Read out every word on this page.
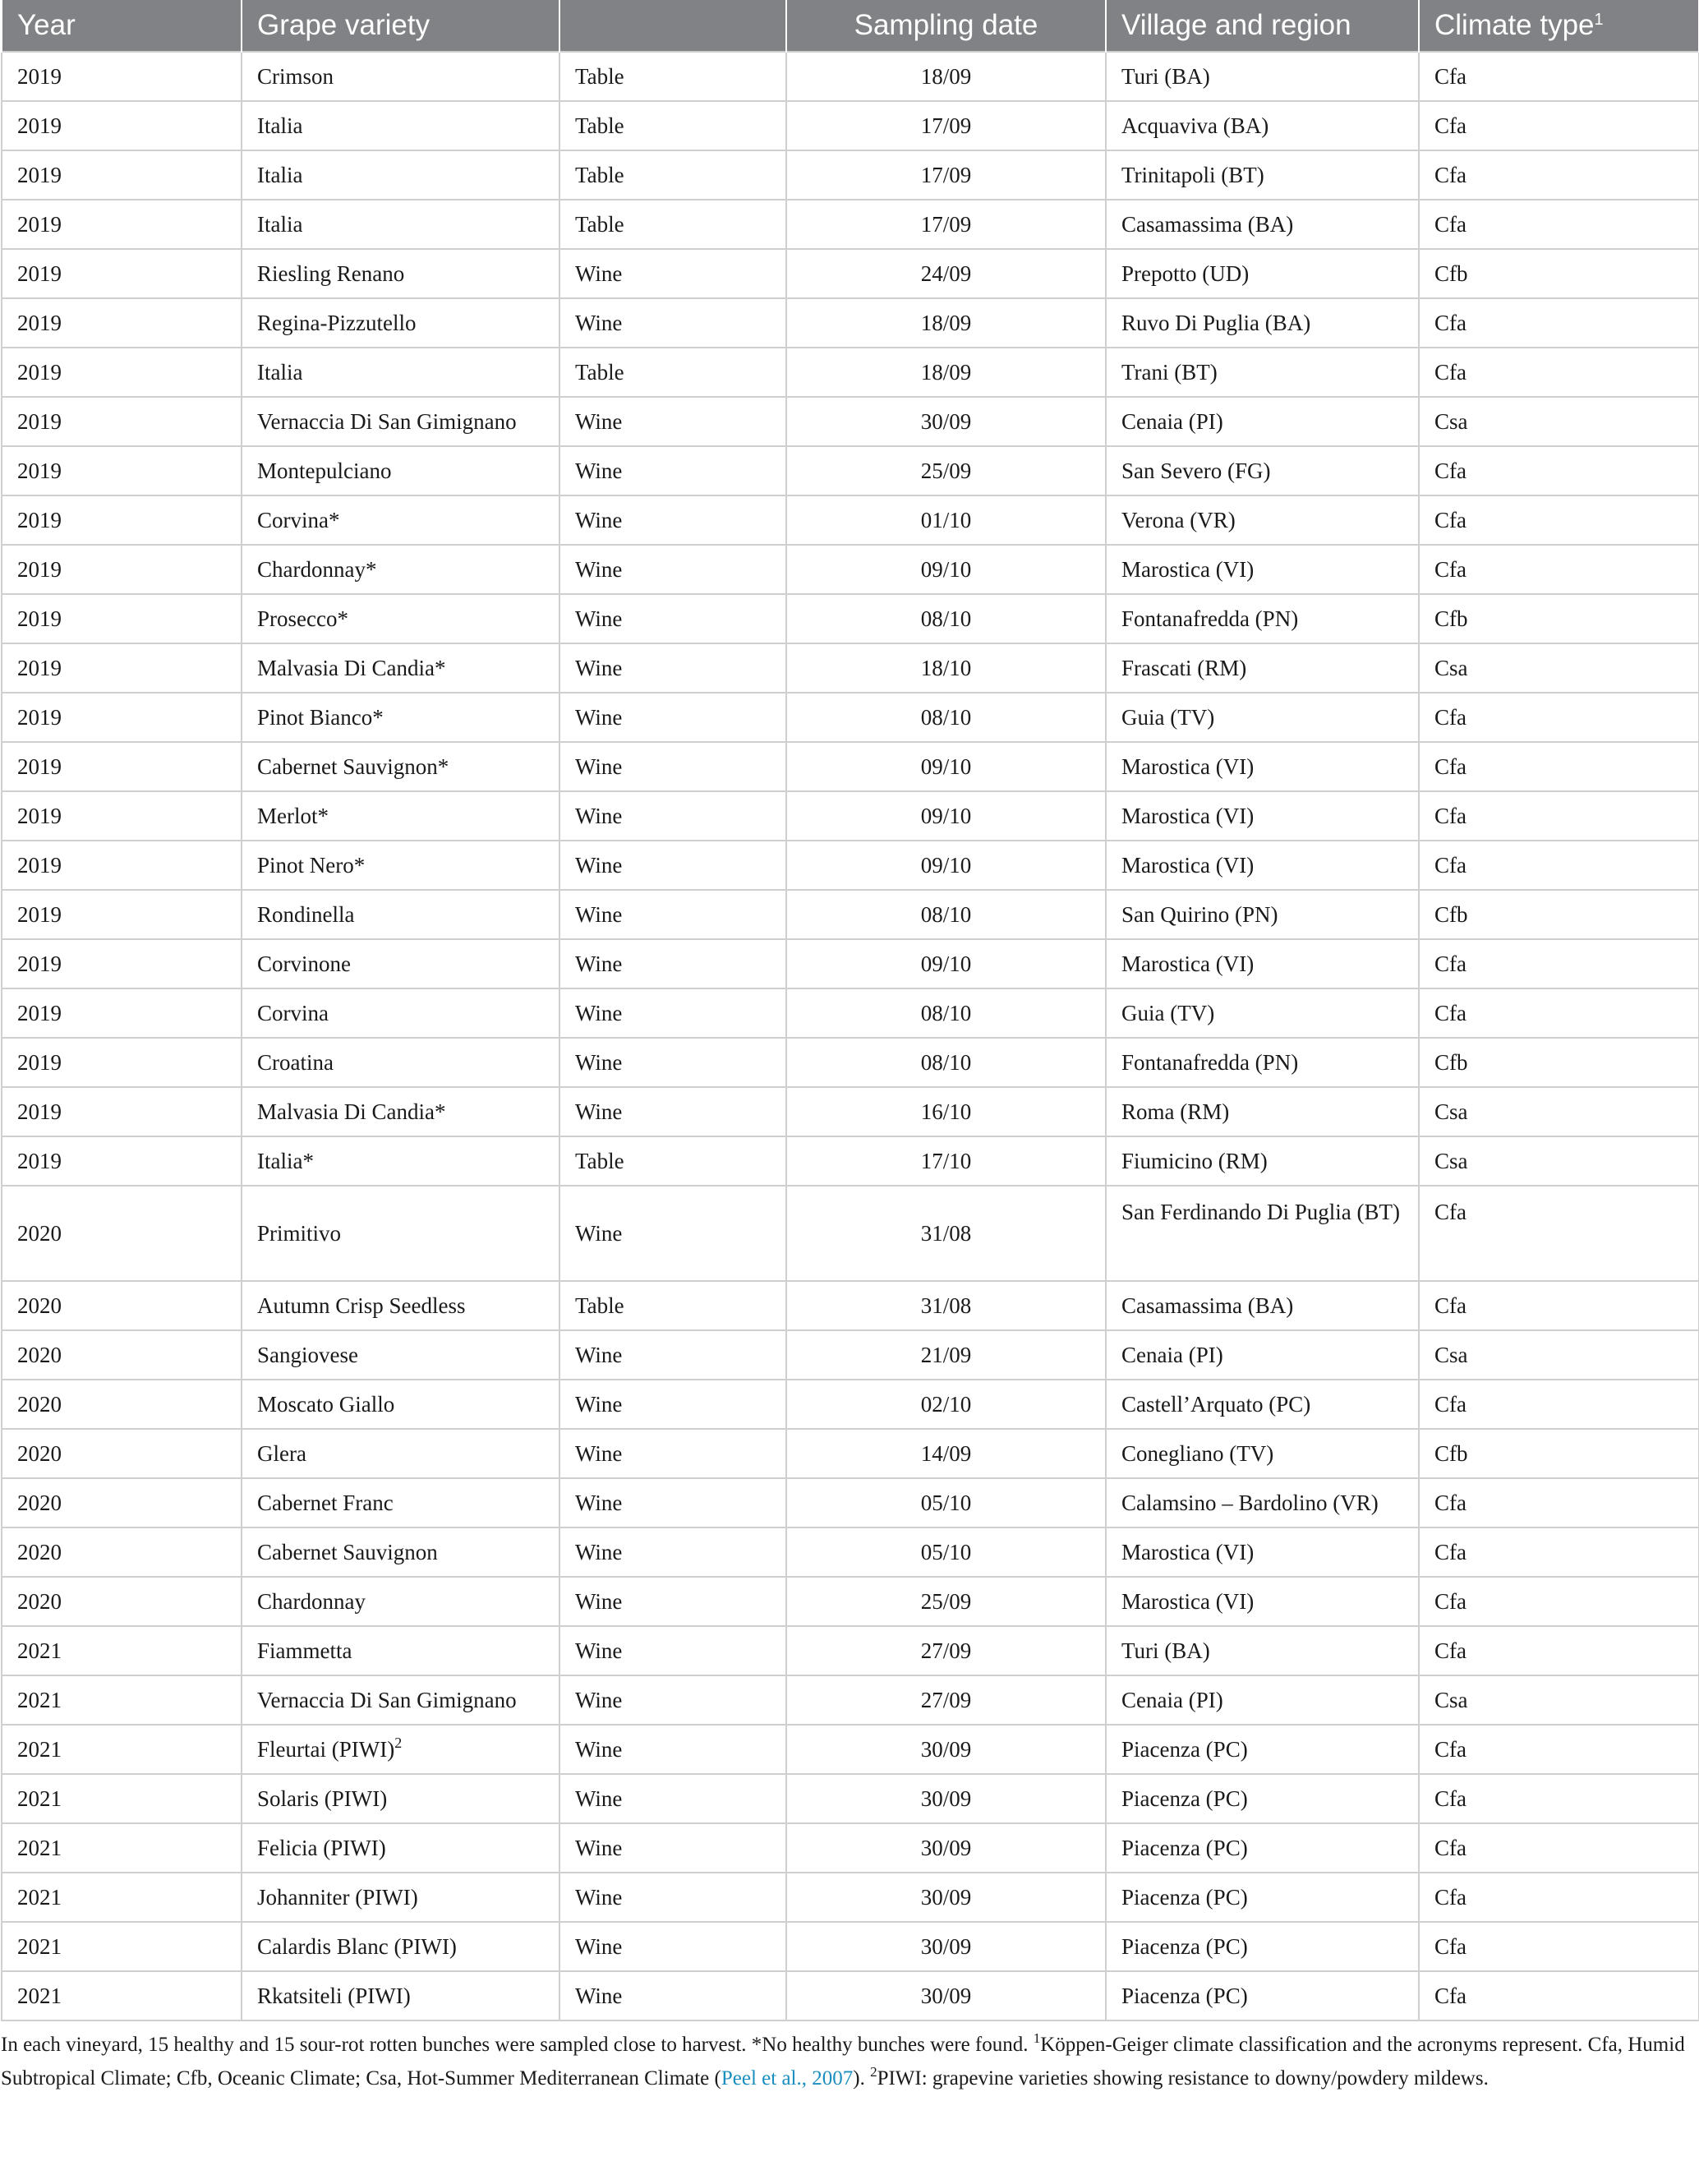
Year	Grape variety		Sampling date	Village and region	Climate type$^1$
2019	Crimson	Table	18/09	Turi (BA)	Cfa
2019	Italia	Table	17/09	Acquaviva (BA)	Cfa
2019	Italia	Table	17/09	Trinitapoli (BT)	Cfa
2019	Italia	Table	17/09	Casamassima (BA)	Cfa
2019	Riesling Renano	Wine	24/09	Prepotto (UD)	Cfb
2019	Regina-Pizzutello	Wine	18/09	Ruvo Di Puglia (BA)	Cfa
2019	Italia	Table	18/09	Trani (BT)	Cfa
2019	Vernaccia Di San Gimignano	Wine	30/09	Cenaia (PI)	Csa
2019	Montepulciano	Wine	25/09	San Severo (FG)	Cfa
2019	Corvina*	Wine	01/10	Verona (VR)	Cfa
2019	Chardonnay*	Wine	09/10	Marostica (VI)	Cfa
2019	Prosecco*	Wine	08/10	Fontanafredda (PN)	Cfb
2019	Malvasia Di Candia*	Wine	18/10	Frascati (RM)	Csa
2019	Pinot Bianco*	Wine	08/10	Guia (TV)	Cfa
2019	Cabernet Sauvignon*	Wine	09/10	Marostica (VI)	Cfa
2019	Merlot*	Wine	09/10	Marostica (VI)	Cfa
2019	Pinot Nero*	Wine	09/10	Marostica (VI)	Cfa
2019	Rondinella	Wine	08/10	San Quirino (PN)	Cfb
2019	Corvinone	Wine	09/10	Marostica (VI)	Cfa
2019	Corvina	Wine	08/10	Guia (TV)	Cfa
2019	Croatina	Wine	08/10	Fontanafredda (PN)	Cfb
2019	Malvasia Di Candia*	Wine	16/10	Roma (RM)	Csa
2019	Italia*	Table	17/10	Fiumicino (RM)	Csa
2020	Primitivo	Wine	31/08	San Ferdinando Di Puglia (BT)	Cfa
2020	Autumn Crisp Seedless	Table	31/08	Casamassima (BA)	Cfa
2020	Sangiovese	Wine	21/09	Cenaia (PI)	Csa
2020	Moscato Giallo	Wine	02/10	Castell’Arquato (PC)	Cfa
2020	Glera	Wine	14/09	Conegliano (TV)	Cfb
2020	Cabernet Franc	Wine	05/10	Calamsino – Bardolino (VR)	Cfa
2020	Cabernet Sauvignon	Wine	05/10	Marostica (VI)	Cfa
2020	Chardonnay	Wine	25/09	Marostica (VI)	Cfa
2021	Fiammetta	Wine	27/09	Turi (BA)	Cfa
2021	Vernaccia Di San Gimignano	Wine	27/09	Cenaia (PI)	Csa
2021	Fleurtai (PIWI)$^2$	Wine	30/09	Piacenza (PC)	Cfa
2021	Solaris (PIWI)	Wine	30/09	Piacenza (PC)	Cfa
2021	Felicia (PIWI)	Wine	30/09	Piacenza (PC)	Cfa
2021	Johanniter (PIWI)	Wine	30/09	Piacenza (PC)	Cfa
2021	Calardis Blanc (PIWI)	Wine	30/09	Piacenza (PC)	Cfa
2021	Rkatsiteli (PIWI)	Wine	30/09	Piacenza (PC)	Cfa

In each vineyard, 15 healthy and 15 sour-rot rotten bunches were sampled close to harvest. *No healthy bunches were found. $^1$Köppen-Geiger climate classification and the acronyms represent. Cfa, Humid Subtropical Climate; Cfb, Oceanic Climate; Csa, Hot-Summer Mediterranean Climate (Peel et al., 2007). $^2$PIWI: grapevine varieties showing resistance to downy/powdery mildews.
